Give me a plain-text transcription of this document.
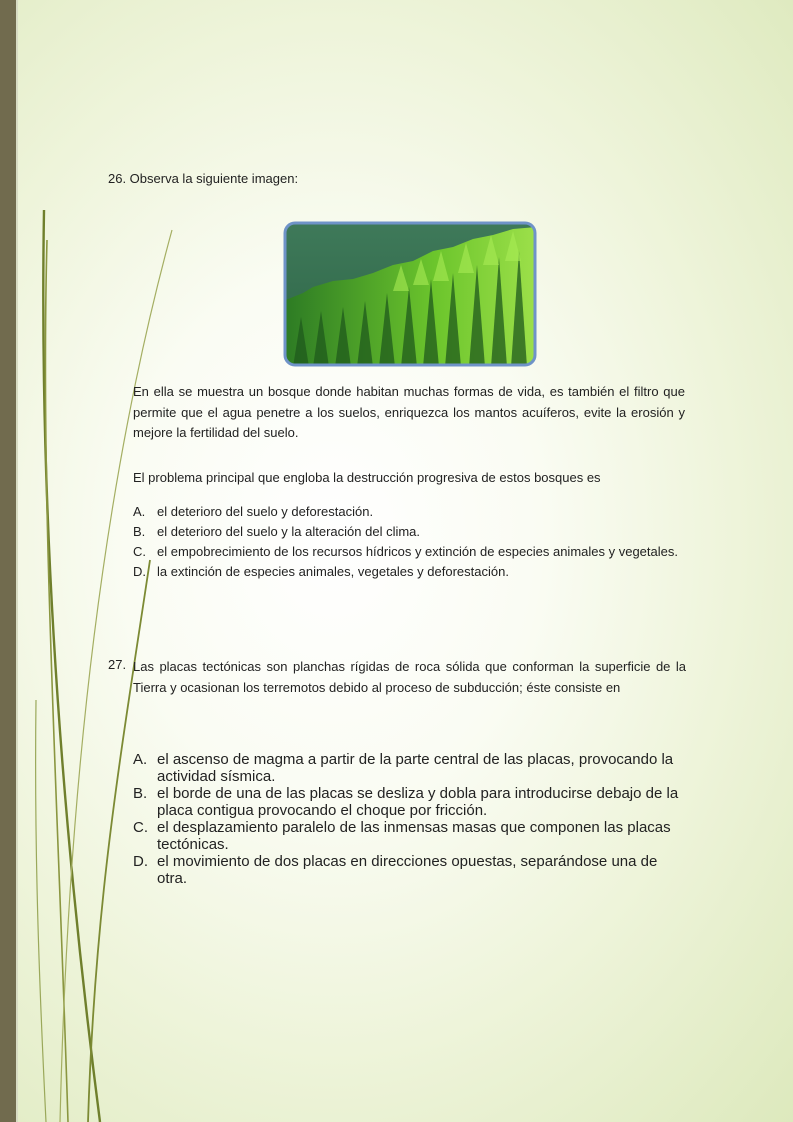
26. Observa la siguiente imagen:
En ella se muestra un bosque donde habitan muchas formas de vida, es también el filtro que permite que el agua penetre a los suelos, enriquezca los mantos acuíferos, evite la erosión y mejore la fertilidad del suelo.
El problema principal que engloba la destrucción progresiva de estos bosques es
A. el deterioro del suelo y deforestación.
B. el deterioro del suelo y la alteración del clima.
C. el empobrecimiento de los recursos hídricos y extinción de especies animales y vegetales.
D. la extinción de especies animales, vegetales y deforestación.
27. Las placas tectónicas son planchas rígidas de roca sólida que conforman la superficie de la Tierra y ocasionan los terremotos debido al proceso de subducción; éste consiste en
A. el ascenso de magma a partir de la parte central de las placas, provocando la actividad sísmica.
B. el borde de una de las placas se desliza y dobla para introducirse debajo de la placa contigua provocando el choque por fricción.
C. el desplazamiento paralelo de las inmensas masas que componen las placas tectónicas.
D. el movimiento de dos placas en direcciones opuestas, separándose una de otra.
